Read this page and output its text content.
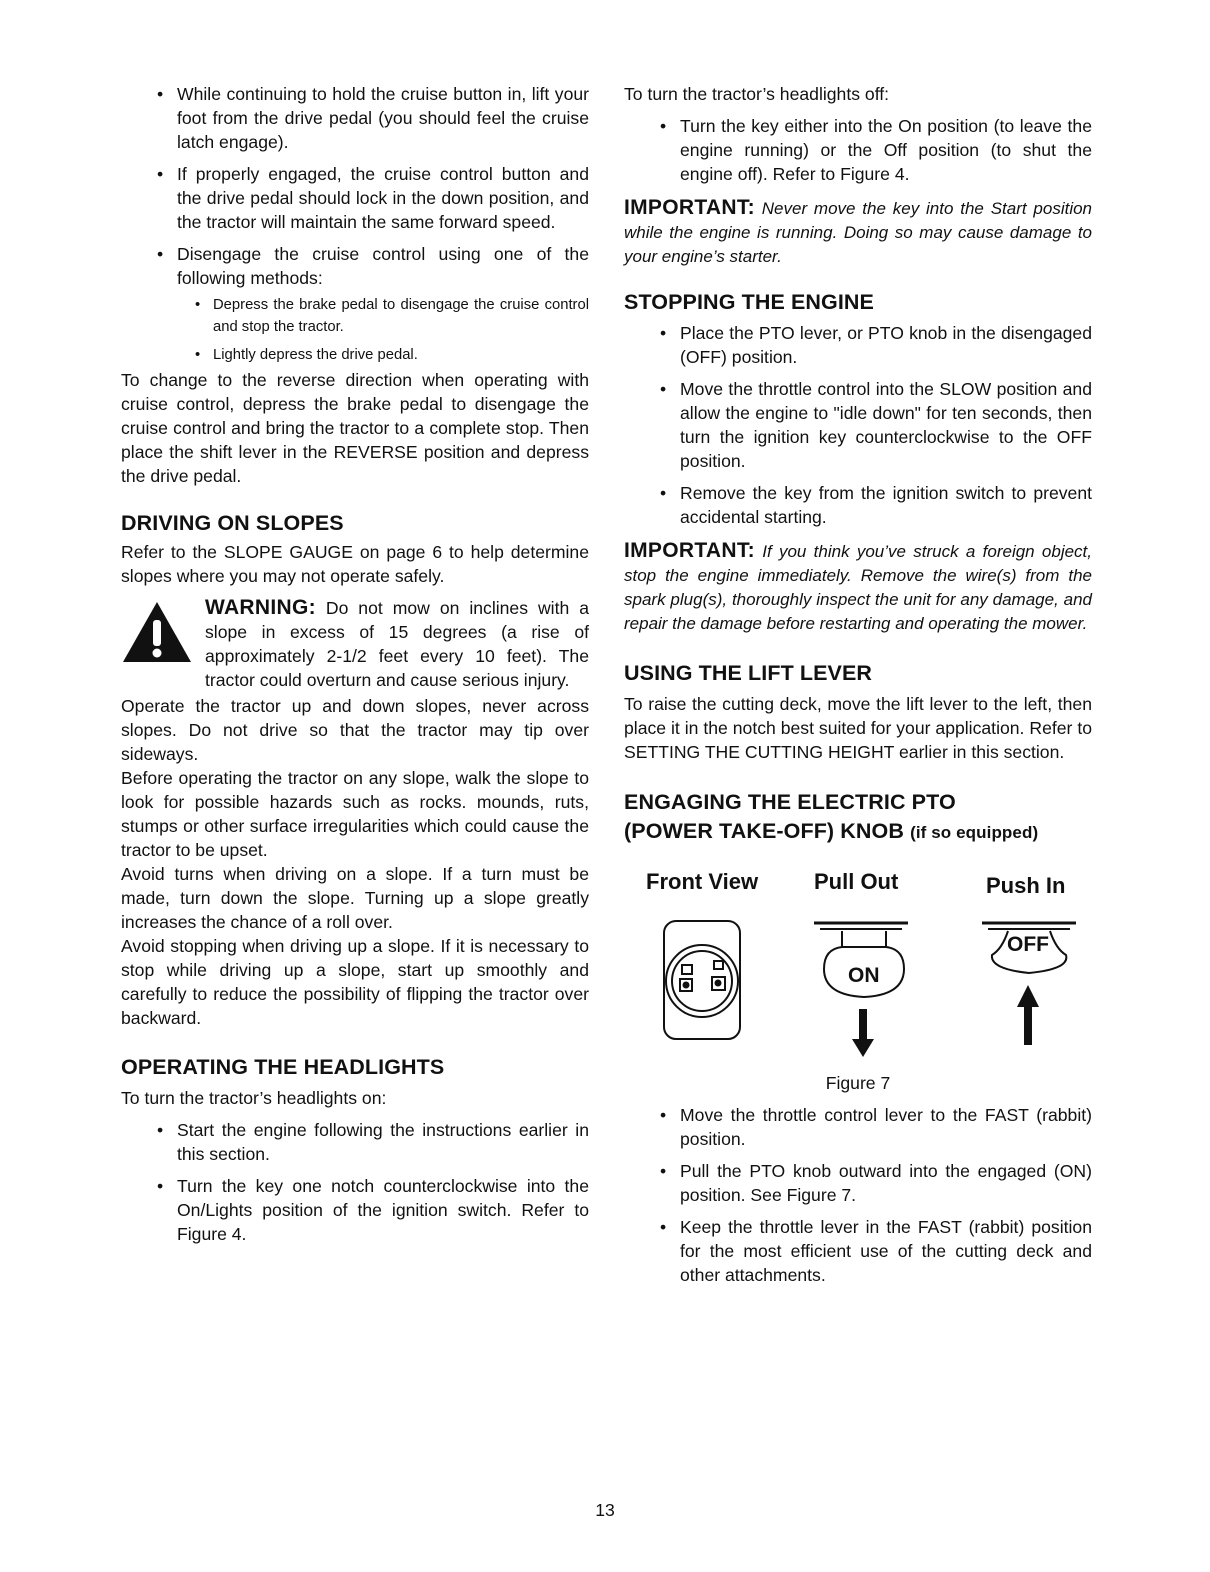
• While continuing to hold the cruise button in, lift your foot from the drive pedal (you should feel the cruise latch engage).
• If properly engaged, the cruise control button and the drive pedal should lock in the down position, and the tractor will maintain the same forward speed.
• Disengage the cruise control using one of the following methods:
• Depress the brake pedal to disengage the cruise control and stop the tractor.
• Lightly depress the drive pedal.

To change to the reverse direction when operating with cruise control, depress the brake pedal to disengage the cruise control and bring the tractor to a complete stop. Then place the shift lever in the REVERSE position and depress the drive pedal.

DRIVING ON SLOPES

Refer to the SLOPE GAUGE on page 6 to help determine slopes where you may not operate safely.

WARNING: Do not mow on inclines with a slope in excess of 15 degrees (a rise of approximately 2-1/2 feet every 10 feet). The tractor could overturn and cause serious injury.

Operate the tractor up and down slopes, never across slopes. Do not drive so that the tractor may tip over sideways.

Before operating the tractor on any slope, walk the slope to look for possible hazards such as rocks. mounds, ruts, stumps or other surface irregularities which could cause the tractor to be upset.

Avoid turns when driving on a slope. If a turn must be made, turn down the slope. Turning up a slope greatly increases the chance of a roll over.

Avoid stopping when driving up a slope. If it is necessary to stop while driving up a slope, start up smoothly and carefully to reduce the possibility of flipping the tractor over backward.

OPERATING THE HEADLIGHTS

To turn the tractor’s headlights on:

• Start the engine following the instructions earlier in this section.
• Turn the key one notch counterclockwise into the On/Lights position of the ignition switch. Refer to Figure 4.

To turn the tractor’s headlights off:

• Turn the key either into the On position (to leave the engine running) or the Off position (to shut the engine off). Refer to Figure 4.
IMPORTANT: Never move the key into the Start position while the engine is running. Doing so may cause damage to your engine’s starter.
STOPPING THE ENGINE
• Place the PTO lever, or PTO knob in the disengaged (OFF) position.
• Move the throttle control into the SLOW position and allow the engine to "idle down" for ten seconds, then turn the ignition key counterclockwise to the OFF position.
• Remove the key from the ignition switch to prevent accidental starting.
IMPORTANT: If you think you’ve struck a foreign object, stop the engine immediately. Remove the wire(s) from the spark plug(s), thoroughly inspect the unit for any damage, and repair the damage before restarting and operating the mower.
USING THE LIFT LEVER

To raise the cutting deck, move the lift lever to the left, then place it in the notch best suited for your application. Refer to SETTING THE CUTTING HEIGHT earlier in this section.

ENGAGING THE ELECTRIC PTO
(POWER TAKE-OFF) KNOB (if so equipped)
Front View	Pull Out	Push In
ON
OFF
Figure 7
• Move the throttle control lever to the FAST (rabbit) position.
• Pull the PTO knob outward into the engaged (ON) position. See Figure 7.
• Keep the throttle lever in the FAST (rabbit) position for the most efficient use of the cutting deck and other attachments.
13
